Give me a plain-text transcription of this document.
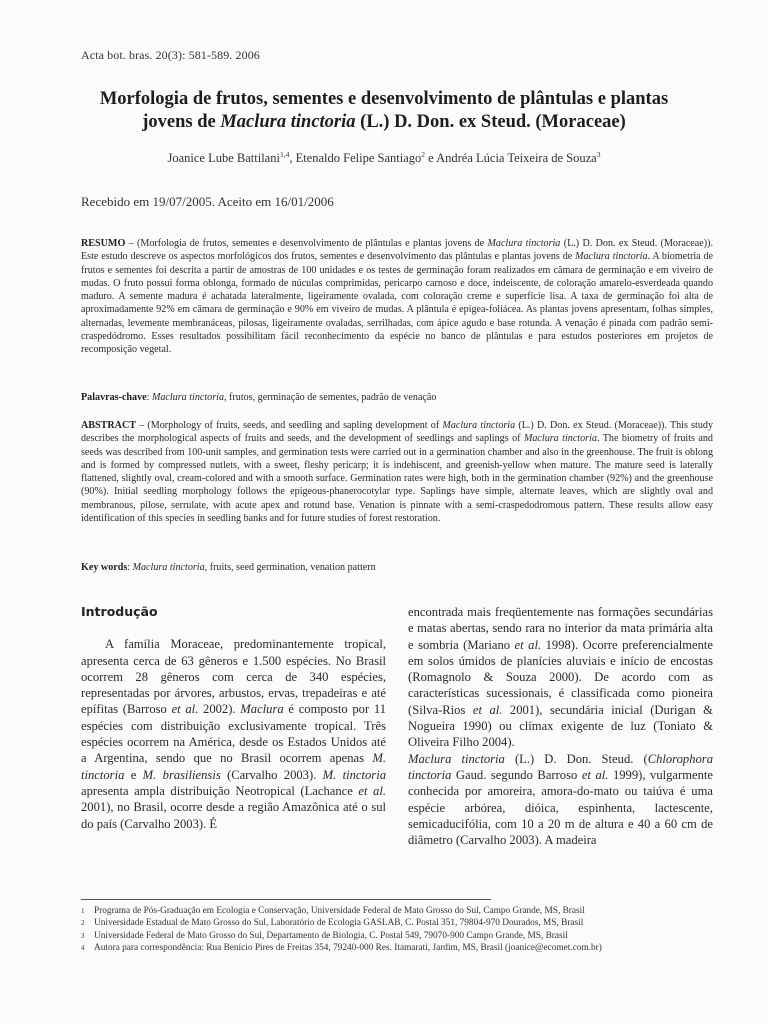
Acta bot. bras. 20(3): 581-589. 2006
Morfologia de frutos, sementes e desenvolvimento de plântulas e plantas
jovens de Maclura tinctoria (L.) D. Don. ex Steud. (Moraceae)
Joanice Lube Battilani$^{1,4}$, Etenaldo Felipe Santiago$^2$ e Andréa Lúcia Teixeira de Souza$^3$
Recebido em 19/07/2005. Aceito em 16/01/2006
RESUMO – (Morfologia de frutos, sementes e desenvolvimento de plântulas e plantas jovens de Maclura tinctoria (L.) D. Don. ex Steud. (Moraceae)). Este estudo descreve os aspectos morfológicos dos frutos, sementes e desenvolvimento das plântulas e plantas jovens de Maclura tinctoria. A biometria de frutos e sementes foi descrita a partir de amostras de 100 unidades e os testes de germinação foram realizados em câmara de germinação e em viveiro de mudas. O fruto possui forma oblonga, formado de núculas comprimidas, pericarpo carnoso e doce, indeiscente, de coloração amarelo-esverdeada quando maduro. A semente madura é achatada lateralmente, ligeiramente ovalada, com coloração creme e superfície lisa. A taxa de germinação foi alta de aproximadamente 92% em câmara de germinação e 90% em viveiro de mudas. A plântula é epígea-foliácea. As plantas jovens apresentam, folhas simples, alternadas, levemente membranáceas, pilosas, ligeiramente ovaladas, serrilhadas, com ápice agudo e base rotunda. A venação é pinada com padrão semi-craspedódromo. Esses resultados possibilitam fácil reconhecimento da espécie no banco de plântulas e para estudos posteriores em projetos de recomposição vegetal.
Palavras-chave: Maclura tinctoria, frutos, germinação de sementes, padrão de venação
ABSTRACT – (Morphology of fruits, seeds, and seedling and sapling development of Maclura tinctoria (L.) D. Don. ex Steud. (Moraceae)). This study describes the morphological aspects of fruits and seeds, and the development of seedlings and saplings of Maclura tinctoria. The biometry of fruits and seeds was described from 100-unit samples, and germination tests were carried out in a germination chamber and also in the greenhouse. The fruit is oblong and is formed by compressed nutlets, with a sweet, fleshy pericarp; it is indehiscent, and greenish-yellow when mature. The mature seed is laterally flattened, slightly oval, cream-colored and with a smooth surface. Germination rates were high, both in the germination chamber (92%) and the greenhouse (90%). Initial seedling morphology follows the epigeous-phanerocotylar type. Saplings have simple, alternate leaves, which are slightly oval and membranous, pilose, serrulate, with acute apex and rotund base. Venation is pinnate with a semi-craspedodromous pattern. These results allow easy identification of this species in seedling banks and for future studies of forest restoration.
Key words: Maclura tinctoria, fruits, seed germination, venation pattern
Introdução

A família Moraceae, predominantemente tropical, apresenta cerca de 63 gêneros e 1.500 espécies. No Brasil ocorrem 28 gêneros com cerca de 340 espécies, representadas por árvores, arbustos, ervas, trepadeiras e até epífitas (Barroso et al. 2002). Maclura é composto por 11 espécies com distribuição exclusivamente tropical. Três espécies ocorrem na América, desde os Estados Unidos até a Argentina, sendo que no Brasil ocorrem apenas M. tinctoria e M. brasiliensis (Carvalho 2003). M. tinctoria apresenta ampla distribuição Neotropical (Lachance et al. 2001), no Brasil, ocorre desde a região Amazônica até o sul do país (Carvalho 2003). É

encontrada mais freqüentemente nas formações secundárias e matas abertas, sendo rara no interior da mata primária alta e sombria (Mariano et al. 1998). Ocorre preferencialmente em solos úmidos de planícies aluviais e início de encostas (Romagnolo & Souza 2000). De acordo com as características sucessionais, é classificada como pioneira (Silva-Rios et al. 2001), secundária inicial (Durigan & Nogueira 1990) ou clímax exigente de luz (Toniato & Oliveira Filho 2004).

Maclura tinctoria (L.) D. Don. Steud. (Chlorophora tinctoria Gaud. segundo Barroso et al. 1999), vulgarmente conhecida por amoreira, amora-do-mato ou taiúva é uma espécie arbórea, dióica, espinhenta, lactescente, semicaducifólia, com 10 a 20 m de altura e 40 a 60 cm de diâmetro (Carvalho 2003). A madeira

1	Programa de Pós-Graduação em Ecologia e Conservação, Universidade Federal de Mato Grosso do Sul, Campo Grande, MS, Brasil
2	Universidade Estadual de Mato Grosso do Sul, Laboratório de Ecologia GASLAB, C. Postal 351, 79804-970 Dourados, MS, Brasil
3	Universidade Federal de Mato Grosso do Sul, Departamento de Biologia, C. Postal 549, 79070-900 Campo Grande, MS, Brasil
4	Autora para correspondência: Rua Benício Pires de Freitas 354, 79240-000 Res. Itamarati, Jardim, MS, Brasil (joanice@ecomet.com.br)
